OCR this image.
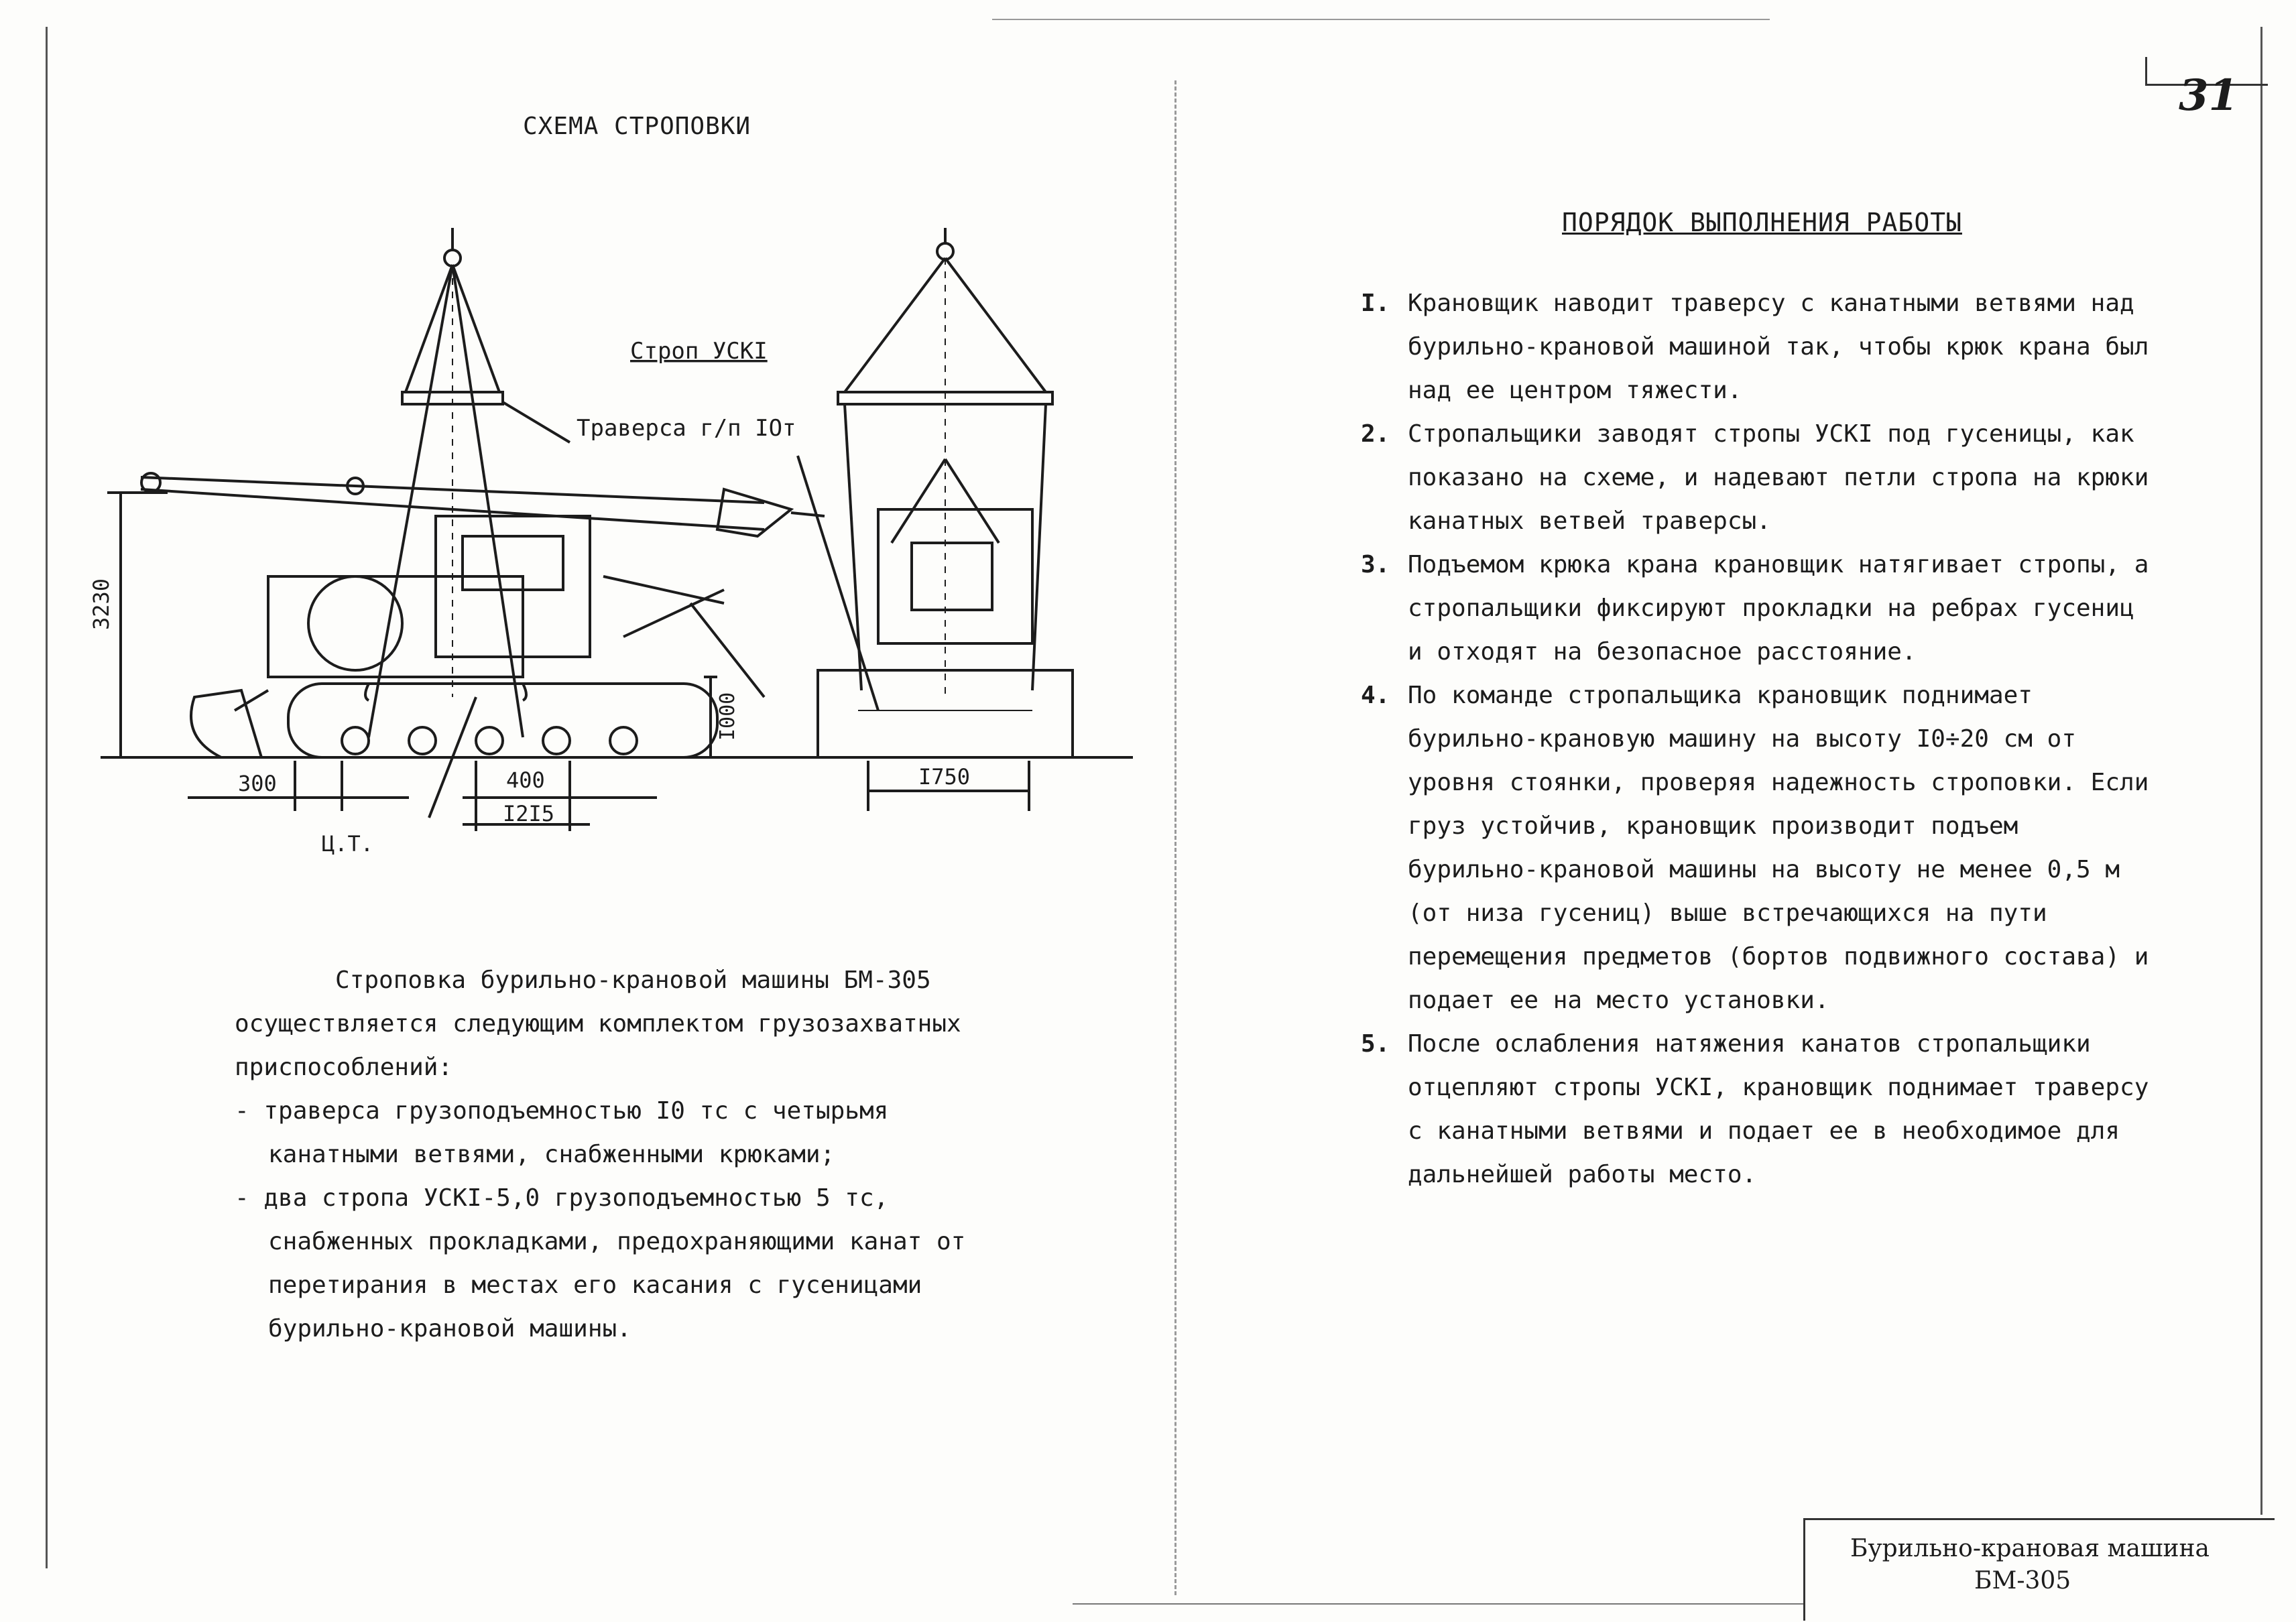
СХЕМА СТРОПОВКИ
Строп УСКI
Траверса г/п IOт
3230
I000
300	400
I2I5
I750
Ц.Т.

Строповка бурильно-крановой машины БМ-305 осуществляется следующим комплектом грузозахватных приспособлений:

- траверса грузоподъемностью I0 тс с четырьмя канатными ветвями, снабженными крюками;

- два стропа УСКI-5,0 грузоподъемностью 5 тс, снабженных прокладками, предохраняющими канат от перетирания в местах его касания с гусеницами бурильно-крановой машины.

31
ПОРЯДОК ВЫПОЛНЕНИЯ РАБОТЫ
I. Крановщик наводит траверсу с канатными ветвями над бурильно-крановой машиной так, чтобы крюк крана был над ее центром тяжести.
2. Стропальщики заводят стропы УСКI под гусеницы, как показано на схеме, и надевают петли стропа на крюки канатных ветвей траверсы.
3. Подъемом крюка крана крановщик натягивает стропы, а стропальщики фиксируют прокладки на ребрах гусениц и отходят на безопасное расстояние.
4. По команде стропальщика крановщик поднимает бурильно-крановую машину на высоту I0÷20 см от уровня стоянки, проверяя надежность строповки. Если груз устойчив, крановщик производит подъем бурильно-крановой машины на высоту не менее 0,5 м (от низа гусениц) выше встречающихся на пути перемещения предметов (бортов подвижного состава) и подает ее на место установки.
5. После ослабления натяжения канатов стропальщики отцепляют стропы УСКI, крановщик поднимает траверсу с канатными ветвями и подает ее в необходимое для дальнейшей работы место.
Бурильно-крановая машина
БМ-305
